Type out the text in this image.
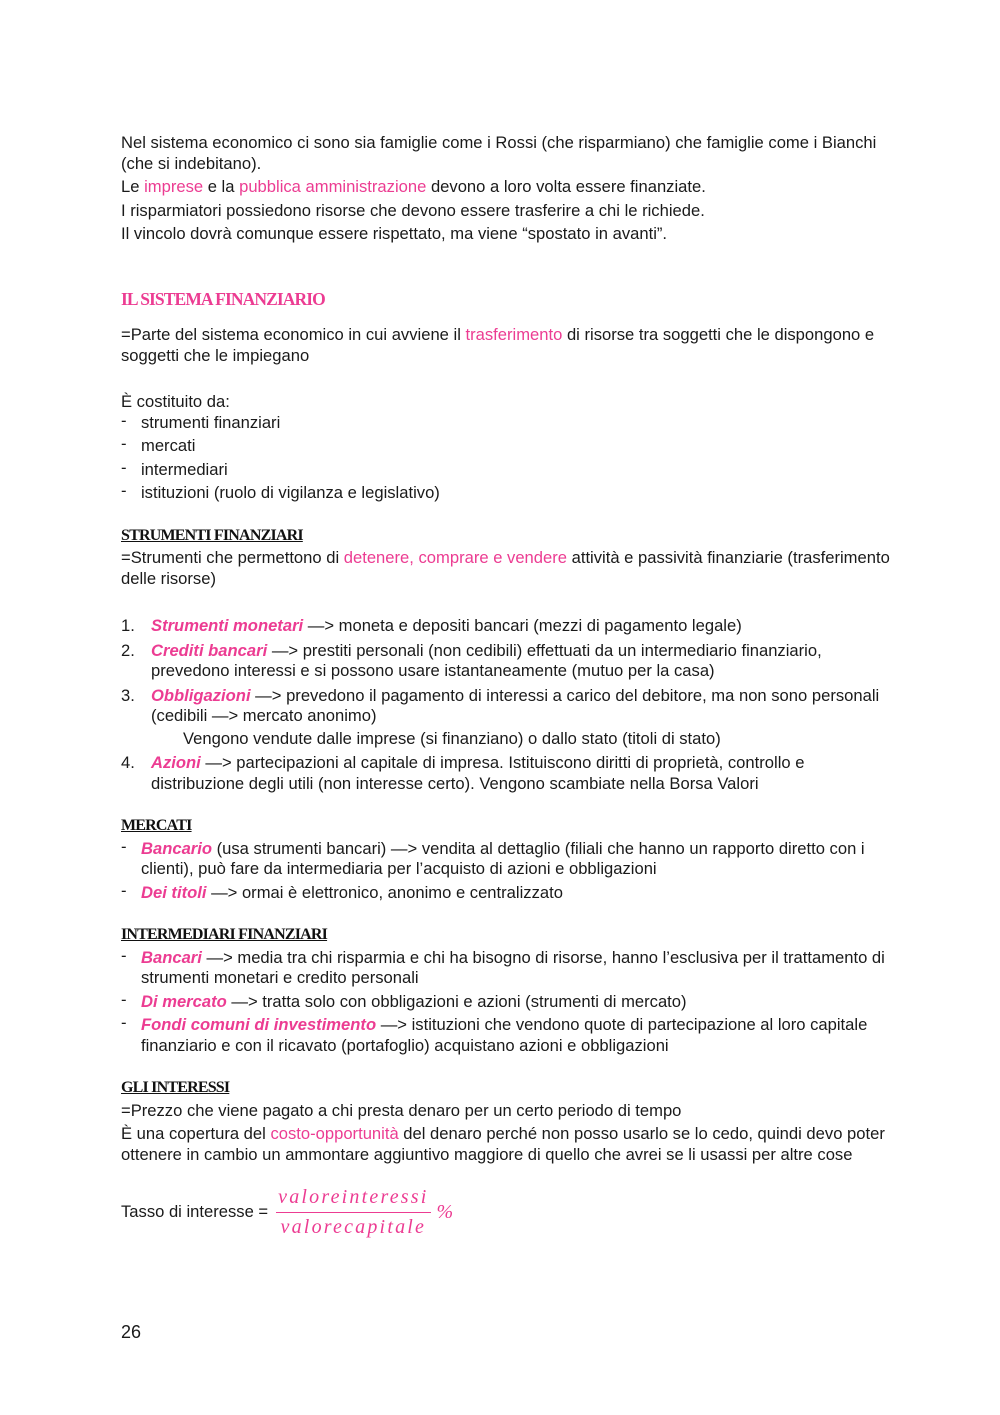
Nel sistema economico ci sono sia famiglie come i Rossi (che risparmiano) che famiglie come i Bianchi (che si indebitano).

Le imprese e la pubblica amministrazione devono a loro volta essere finanziate.

I risparmiatori possiedono risorse che devono essere trasferire a chi le richiede.

Il vincolo dovrà comunque essere rispettato, ma viene “spostato in avanti”.

IL SISTEMA FINANZIARIO

=Parte del sistema economico in cui avviene il trasferimento di risorse tra soggetti che le dispongono e soggetti che le impiegano

È costituito da:

- strumenti finanziari
- mercati
- intermediari
- istituzioni (ruolo di vigilanza e legislativo)
STRUMENTI FINANZIARI

=Strumenti che permettono di detenere, comprare e vendere attività e passività finanziarie (trasferimento delle risorse)

1. Strumenti monetari —> moneta e depositi bancari (mezzi di pagamento legale)
2. Crediti bancari —> prestiti personali (non cedibili) effettuati da un intermediario finanziario, prevedono interessi e si possono usare istantaneamente (mutuo per la casa)
3. Obbligazioni —> prevedono il pagamento di interessi a carico del debitore, ma non sono personali (cedibili —> mercato anonimo)

Vengono vendute dalle imprese (si finanziano) o dallo stato (titoli di stato)

4. Azioni —> partecipazioni al capitale di impresa. Istituiscono diritti di proprietà, controllo e distribuzione degli utili (non interesse certo). Vengono scambiate nella Borsa Valori
MERCATI
- Bancario (usa strumenti bancari) —> vendita al dettaglio (filiali che hanno un rapporto diretto con i clienti), può fare da intermediaria per l’acquisto di azioni e obbligazioni
- Dei titoli —> ormai è elettronico, anonimo e centralizzato
INTERMEDIARI FINANZIARI
- Bancari —> media tra chi risparmia e chi ha bisogno di risorse, hanno l’esclusiva per il trattamento di strumenti monetari e credito personali
- Di mercato —> tratta solo con obbligazioni e azioni (strumenti di mercato)
- Fondi comuni di investimento —> istituzioni che vendono quote di partecipazione al loro capitale finanziario e con il ricavato (portafoglio) acquistano azioni e obbligazioni
GLI INTERESSI

=Prezzo che viene pagato a chi presta denaro per un certo periodo di tempo

È una copertura del costo-opportunità del denaro perché non posso usarlo se lo cedo, quindi devo poter ottenere in cambio un ammontare aggiuntivo maggiore di quello che avrei se li usassi per altre cose

Tasso di interesse = $\frac{\text{valoreinteressi}}{\text{valorecapitale}}$ %
26
